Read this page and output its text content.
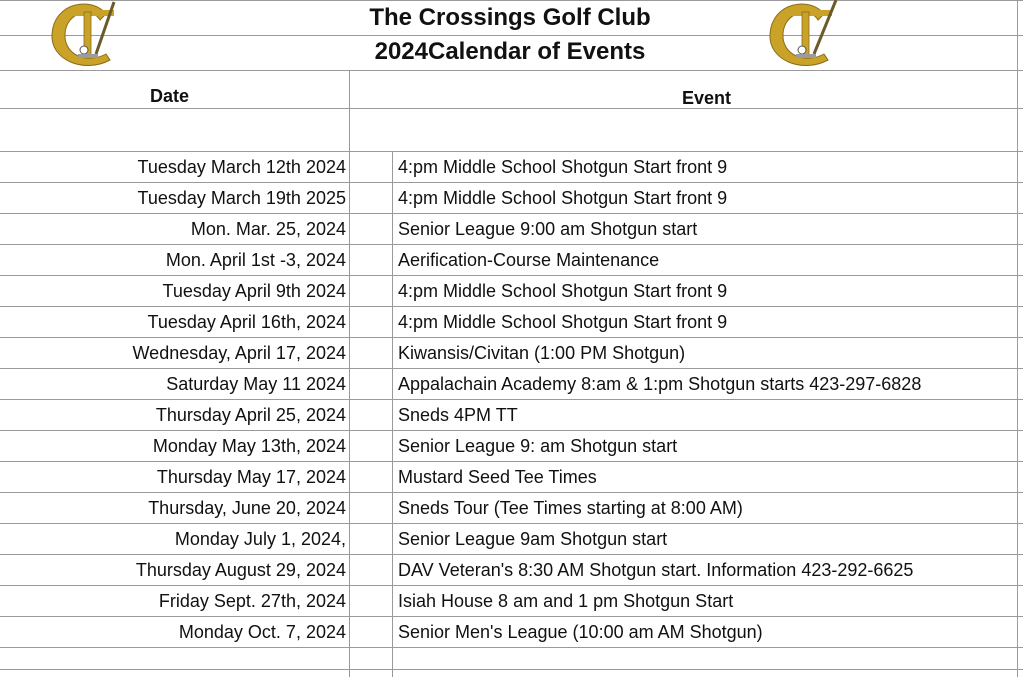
The Crossings Golf Club
2024Calendar of Events
Date	Event
Tuesday March 12th 2024	4:pm Middle School Shotgun Start front 9
Tuesday March 19th 2025	4:pm Middle School Shotgun Start front 9
Mon. Mar. 25, 2024	Senior League 9:00 am Shotgun start
Mon. April 1st -3, 2024	Aerification-Course Maintenance
Tuesday April 9th 2024	4:pm Middle School Shotgun Start front 9
Tuesday April 16th, 2024	4:pm Middle School Shotgun Start front 9
Wednesday, April 17, 2024	Kiwansis/Civitan (1:00 PM Shotgun)
Saturday May 11 2024	Appalachain Academy 8:am & 1:pm Shotgun starts 423-297-6828
Thursday April 25, 2024	Sneds 4PM TT
Monday May 13th, 2024	Senior League 9: am Shotgun start
Thursday May 17, 2024	Mustard Seed Tee Times
Thursday, June 20, 2024	Sneds Tour (Tee Times starting at 8:00 AM)
Monday July 1, 2024,	Senior League 9am Shotgun start
Thursday August 29, 2024	DAV Veteran's 8:30 AM Shotgun start. Information 423-292-6625
Friday Sept. 27th, 2024	Isiah House 8 am and 1 pm Shotgun Start
Monday Oct. 7, 2024	Senior Men's League (10:00 am AM Shotgun)
